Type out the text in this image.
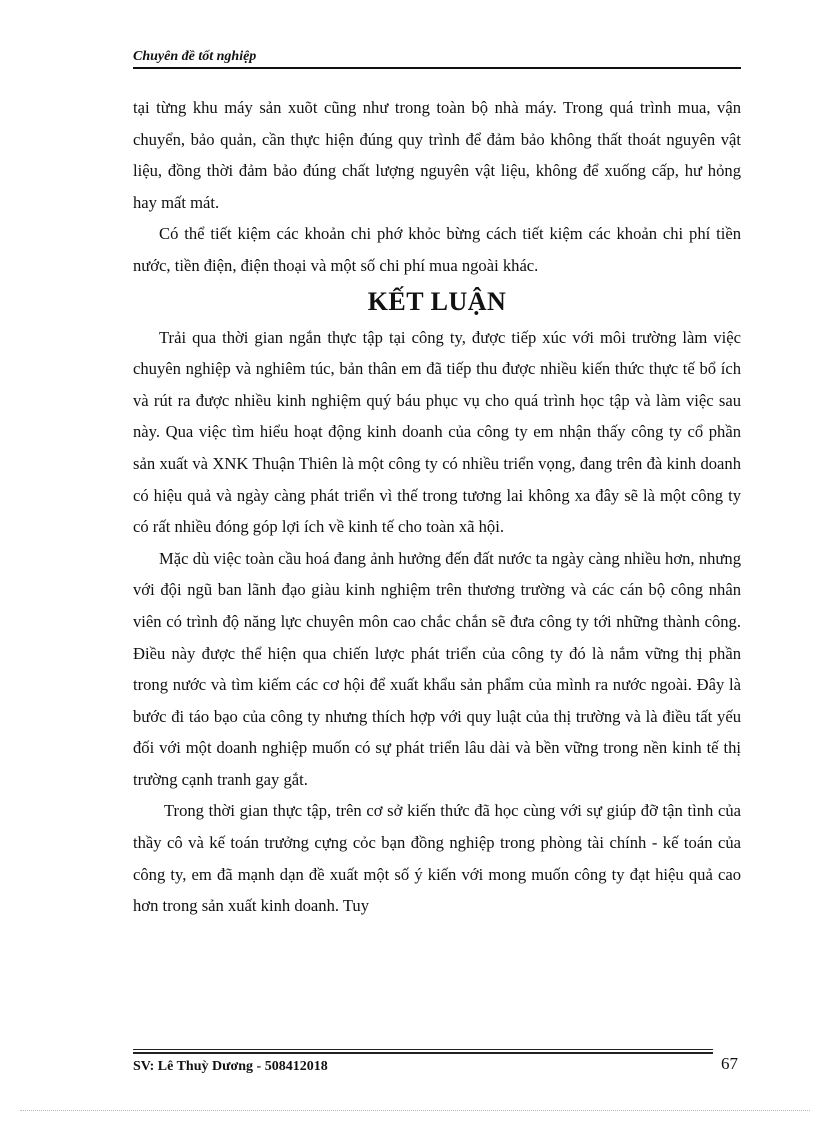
Chuyên đề tốt nghiệp

tại từng khu máy sản xuõt cũng như trong toàn bộ nhà máy. Trong quá trình mua, vận chuyển, bảo quản, cần thực hiện đúng quy trình để đảm bảo không thất thoát nguyên vật liệu, đồng thời đảm bảo đúng chất lượng nguyên vật liệu, không để xuống cấp, hư hỏng hay mất mát.

Có thể tiết kiệm các khoản chi phớ khỏc bừng cách tiết kiệm các khoản chi phí tiền nước, tiền điện, điện thoại và một số chi phí mua ngoài khác.

KẾT LUẬN

Trải qua thời gian ngắn thực tập tại công ty, được tiếp xúc với môi trường làm việc chuyên nghiệp và nghiêm túc, bản thân em đã tiếp thu được nhiều kiến thức thực tế bổ ích và rút ra được nhiều kinh nghiệm quý báu phục vụ cho quá trình học tập và làm việc sau này. Qua việc tìm hiểu hoạt động kinh doanh của công ty em nhận thấy công ty cổ phần sản xuất và XNK Thuận Thiên là một công ty có nhiều triển vọng, đang trên đà kinh doanh có hiệu quả và ngày càng phát triển vì thế trong tương lai không xa đây sẽ là một công ty có rất nhiều đóng góp lợi ích về kinh tế cho toàn xã hội.

Mặc dù việc toàn cầu hoá đang ảnh hưởng đến đất nước ta ngày càng nhiều hơn, nhưng với đội ngũ ban lãnh đạo giàu kinh nghiệm trên thương trường và các cán bộ công nhân viên có trình độ năng lực chuyên môn cao chắc chắn sẽ đưa công ty tới những thành công. Điều này được thể hiện qua chiến lược phát triển của công ty đó là nắm vững thị phần trong nước và tìm kiếm các cơ hội để xuất khẩu sản phẩm của mình ra nước ngoài. Đây là bước đi táo bạo của công ty nhưng thích hợp với quy luật của thị trường và là điều tất yếu đối với một doanh nghiệp muốn có sự phát triển lâu dài và bền vững trong nền kinh tế thị trường cạnh tranh gay gắt.

Trong thời gian thực tập, trên cơ sở kiến thức đã học cùng với sự giúp đỡ tận tình của thầy cô và kế toán trưởng cựng cỏc bạn đồng nghiệp trong phòng tài chính - kế toán của công ty, em đã mạnh dạn đề xuất một số ý kiến với mong muốn công ty đạt hiệu quả cao hơn trong sản xuất kinh doanh. Tuy

SV: Lê Thuỳ Dương - 508412018	67
